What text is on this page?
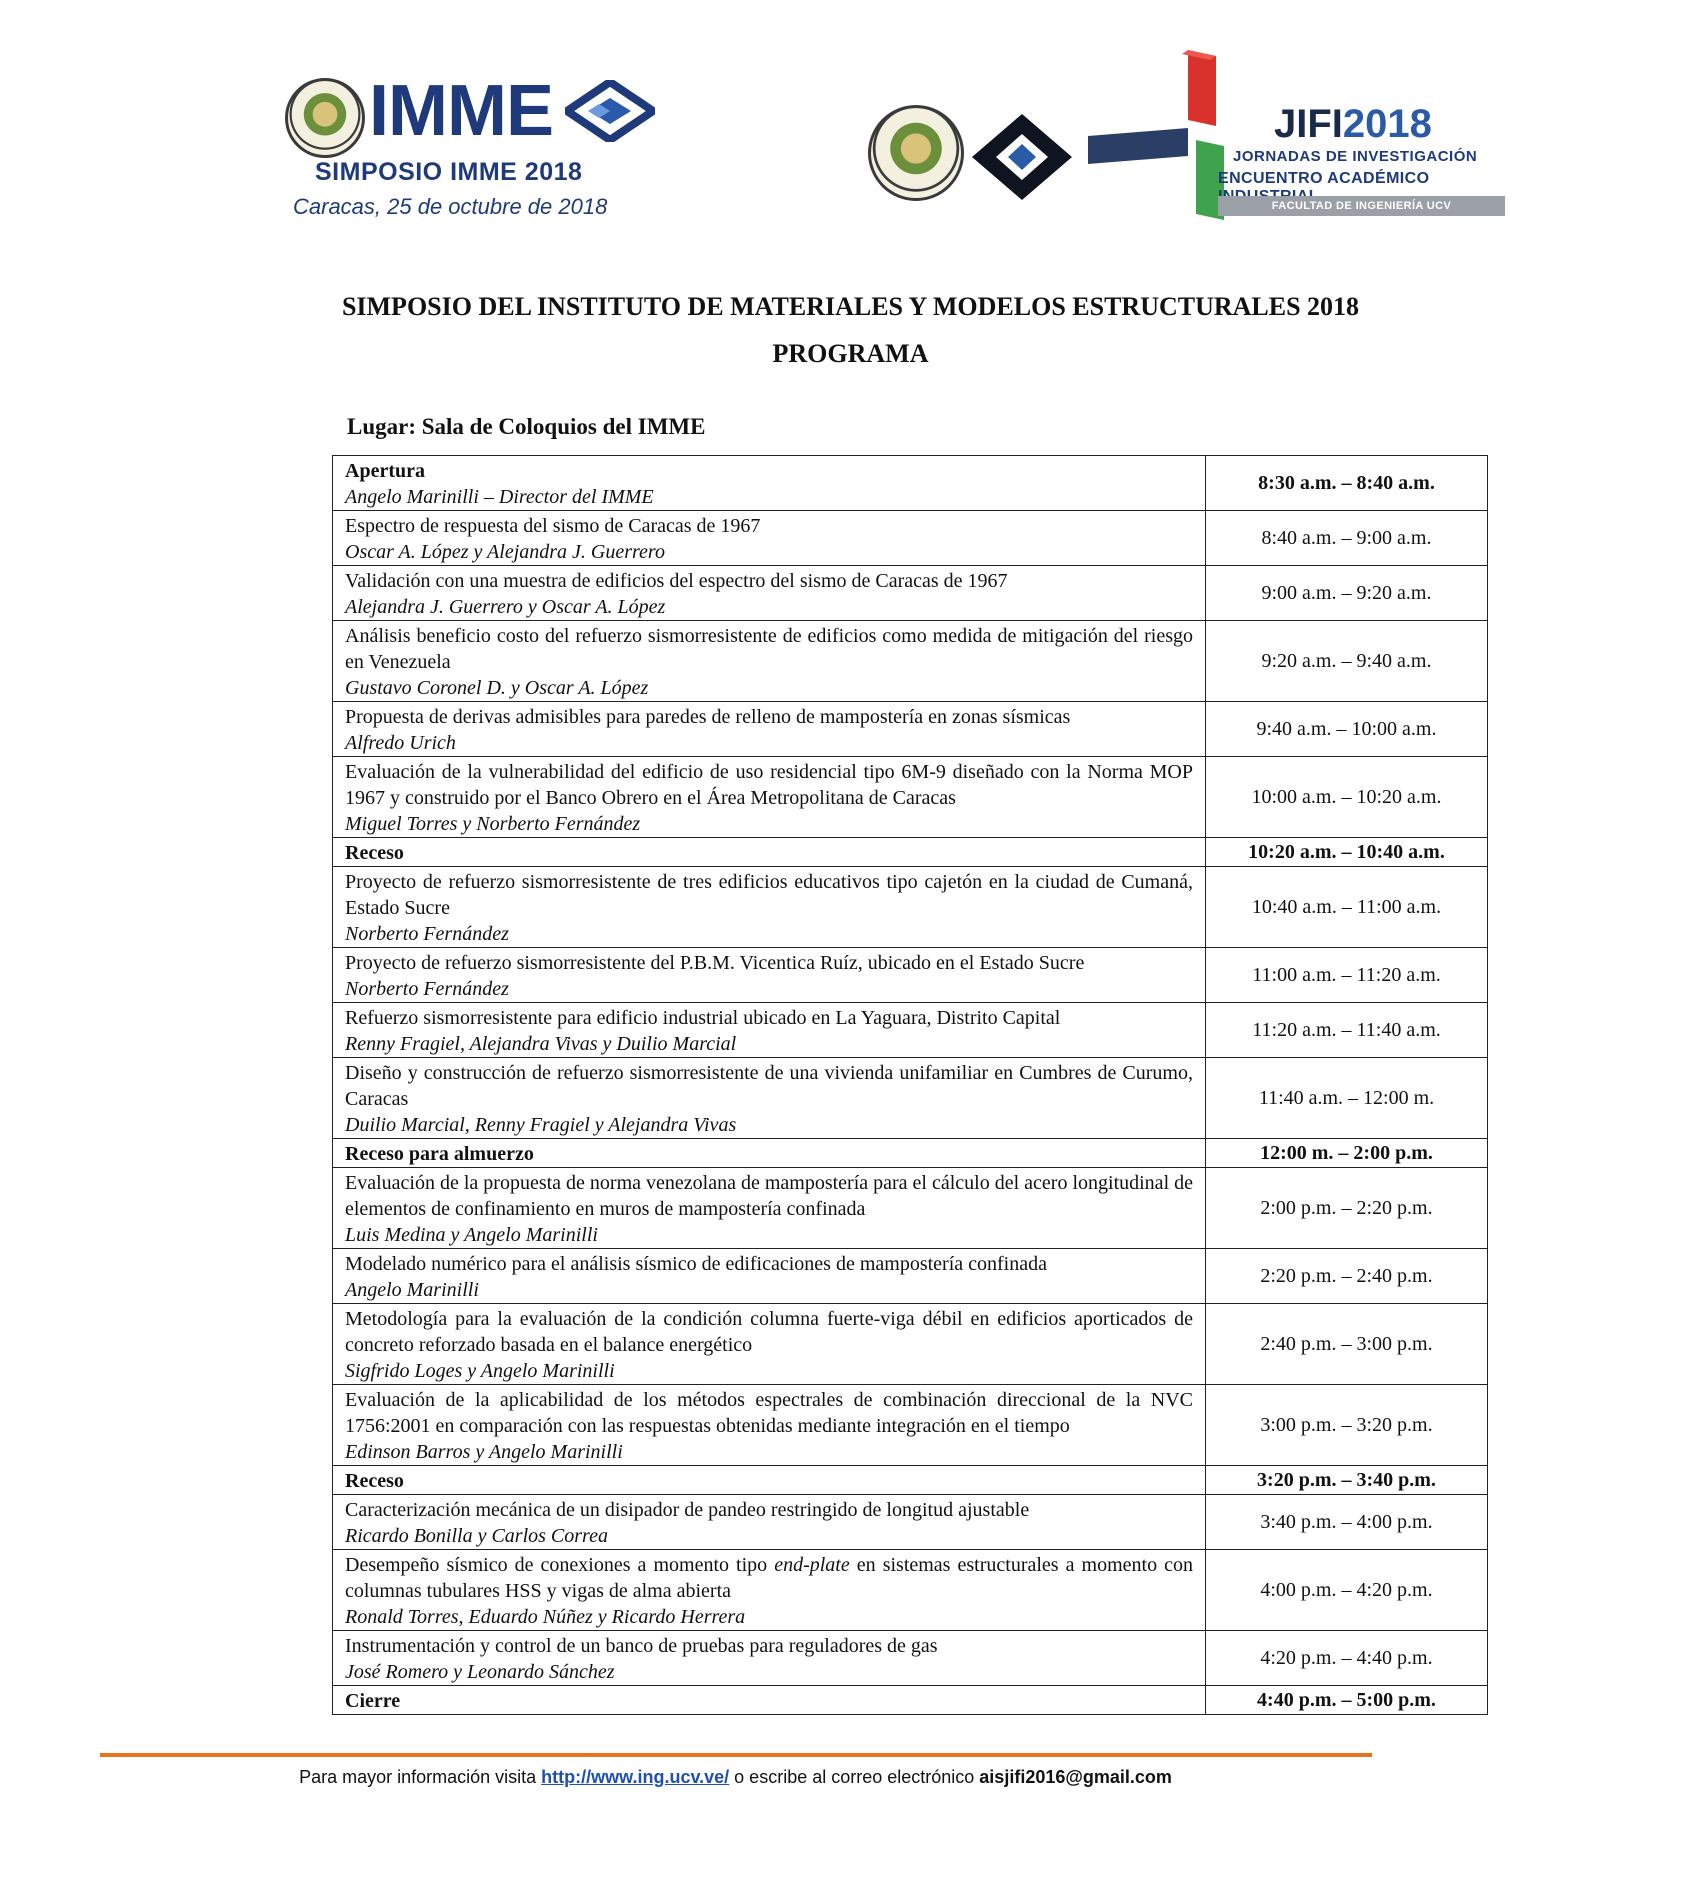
IMME
SIMPOSIO IMME 2018
Caracas, 25 de octubre de 2018
JIFI2018
JORNADAS DE INVESTIGACIÓN
ENCUENTRO ACADÉMICO
FACULTAD DE INGENIERÍA UCV
SIMPOSIO DEL INSTITUTO DE MATERIALES Y MODELOS ESTRUCTURALES 2018
PROGRAMA
Lugar: Sala de Coloquios del IMME
Apertura
Angelo Marinilli – Director del IMME	8:30 a.m. – 8:40 a.m.

Espectro de respuesta del sismo de Caracas de 1967
Oscar A. López y Alejandra J. Guerrero	8:40 a.m. – 9:00 a.m.

Validación con una muestra de edificios del espectro del sismo de Caracas de 1967
Alejandra J. Guerrero y Oscar A. López	9:00 a.m. – 9:20 a.m.

Análisis beneficio costo del refuerzo sismorresistente de edificios como medida de mitigación del riesgo en Venezuela
Gustavo Coronel D. y Oscar A. López	9:20 a.m. – 9:40 a.m.

Propuesta de derivas admisibles para paredes de relleno de mampostería en zonas sísmicas
Alfredo Urich	9:40 a.m. – 10:00 a.m.

Evaluación de la vulnerabilidad del edificio de uso residencial tipo 6M-9 diseñado con la Norma MOP 1967 y construido por el Banco Obrero en el Área Metropolitana de Caracas
Miguel Torres y Norberto Fernández	10:00 a.m. – 10:20 a.m.

Receso	10:20 a.m. – 10:40 a.m.

Proyecto de refuerzo sismorresistente de tres edificios educativos tipo cajetón en la ciudad de Cumaná, Estado Sucre
Norberto Fernández	10:40 a.m. – 11:00 a.m.

Proyecto de refuerzo sismorresistente del P.B.M. Vicentica Ruíz, ubicado en el Estado Sucre
Norberto Fernández	11:00 a.m. – 11:20 a.m.

Refuerzo sismorresistente para edificio industrial ubicado en La Yaguara, Distrito Capital
Renny Fragiel, Alejandra Vivas y Duilio Marcial	11:20 a.m. – 11:40 a.m.

Diseño y construcción de refuerzo sismorresistente de una vivienda unifamiliar en Cumbres de Curumo, Caracas
Duilio Marcial, Renny Fragiel y Alejandra Vivas	11:40 a.m. – 12:00 m.

Receso para almuerzo	12:00 m. – 2:00 p.m.

Evaluación de la propuesta de norma venezolana de mampostería para el cálculo del acero longitudinal de elementos de confinamiento en muros de mampostería confinada
Luis Medina y Angelo Marinilli	2:00 p.m. – 2:20 p.m.

Modelado numérico para el análisis sísmico de edificaciones de mampostería confinada
Angelo Marinilli	2:20 p.m. – 2:40 p.m.

Metodología para la evaluación de la condición columna fuerte-viga débil en edificios aporticados de concreto reforzado basada en el balance energético
Sigfrido Loges y Angelo Marinilli	2:40 p.m. – 3:00 p.m.

Evaluación de la aplicabilidad de los métodos espectrales de combinación direccional de la NVC 1756:2001 en comparación con las respuestas obtenidas mediante integración en el tiempo
Edinson Barros y Angelo Marinilli	3:00 p.m. – 3:20 p.m.

Receso	3:20 p.m. – 3:40 p.m.

Caracterización mecánica de un disipador de pandeo restringido de longitud ajustable
Ricardo Bonilla y Carlos Correa	3:40 p.m. – 4:00 p.m.

Desempeño sísmico de conexiones a momento tipo end-plate en sistemas estructurales a momento con columnas tubulares HSS y vigas de alma abierta
Ronald Torres, Eduardo Núñez y Ricardo Herrera	4:00 p.m. – 4:20 p.m.

Instrumentación y control de un banco de pruebas para reguladores de gas
José Romero y Leonardo Sánchez	4:20 p.m. – 4:40 p.m.

Cierre	4:40 p.m. – 5:00 p.m.
Para mayor información visita http://www.ing.ucv.ve/ o escribe al correo electrónico aisjifi2016@gmail.com
